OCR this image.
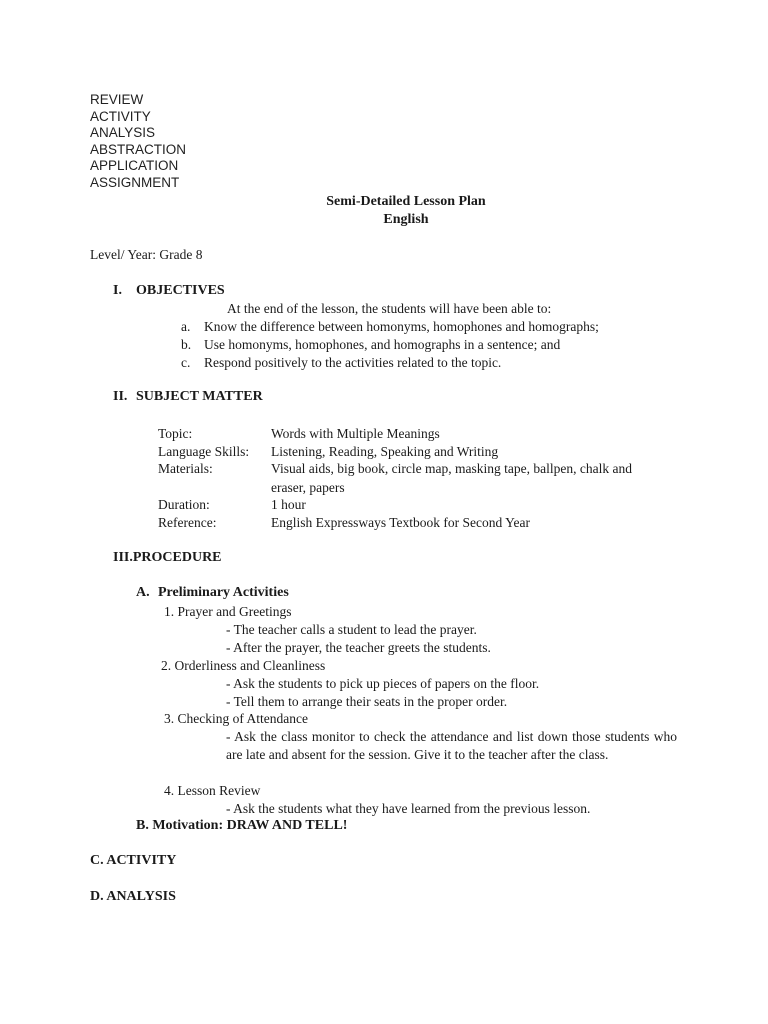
REVIEW
ACTIVITY
ANALYSIS
ABSTRACTION
APPLICATION
ASSIGNMENT
Semi-Detailed Lesson Plan
English
Level/ Year: Grade 8
I. OBJECTIVES
At the end of the lesson, the students will have been able to:
a. Know the difference between homonyms, homophones and homographs;
b. Use homonyms, homophones, and homographs in a sentence; and
c. Respond positively to the activities related to the topic.
II. SUBJECT MATTER
Topic:	Words with Multiple Meanings
Language Skills: Listening, Reading, Speaking and Writing
Materials:	Visual aids, big book, circle map, masking tape, ballpen, chalk and
eraser, papers
Duration:	1 hour
Reference:	English Expressways Textbook for Second Year
III.PROCEDURE
A. Preliminary Activities
1. Prayer and Greetings
- The teacher calls a student to lead the prayer.
- After the prayer, the teacher greets the students.
2. Orderliness and Cleanliness
- Ask the students to pick up pieces of papers on the floor.
- Tell them to arrange their seats in the proper order.
3. Checking of Attendance
- Ask the class monitor to check the attendance and list down those students who are late and absent for the session. Give it to the teacher after the class.
4. Lesson Review
- Ask the students what they have learned from the previous lesson.
B. Motivation: DRAW AND TELL!
C. ACTIVITY
D. ANALYSIS
